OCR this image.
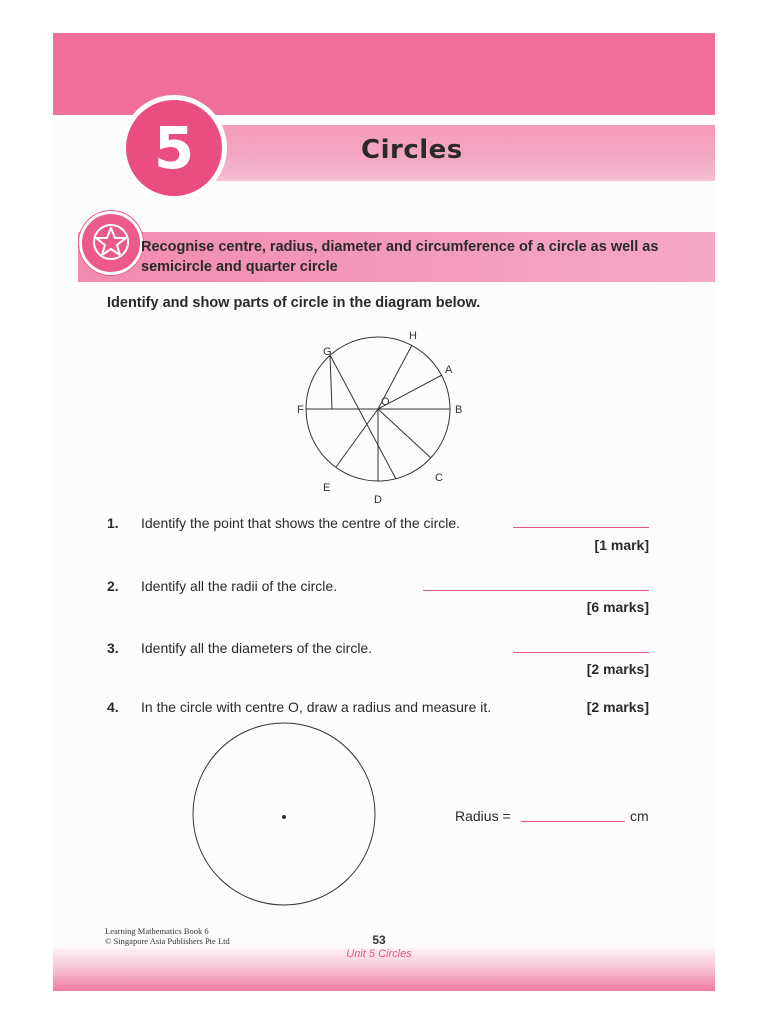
5	Circles
Recognise centre, radius, diameter and circumference of a circle as well as semicircle and quarter circle
Identify and show parts of circle in the diagram below.
H
G
A
O
F	B
C
E
D
1. Identify the point that shows the centre of the circle.
[1 mark]
2. Identify all the radii of the circle.
[6 marks]
3. Identify all the diameters of the circle.
[2 marks]
4. In the circle with centre O, draw a radius and measure it.	[2 marks]
Radius =	cm
Learning Mathematics Book 6
© Singapore Asia Publishers Pte Ltd	53
Unit 5 Circles
